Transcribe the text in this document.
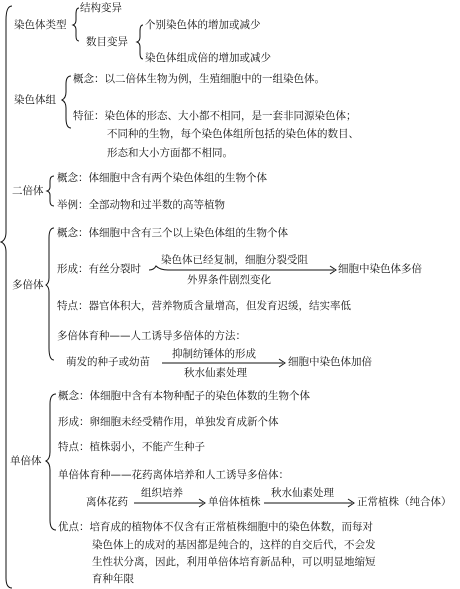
染色体类型
结构变异
数目变异
个别染色体的增加或减少
染色体组成倍的增加或减少
染色体组
概念：以二倍体生物为例，生殖细胞中的一组染色体。
特征：染色体的形态、大小都不相同，是一套非同源染色体；
不同种的生物，每个染色体组所包括的染色体的数目、
形态和大小方面都不相同。
二倍体
概念：体细胞中含有两个染色体组的生物个体
举例：全部动物和过半数的高等植物
多倍体
概念：体细胞中含有三个以上染色体组的生物个体
形成：有丝分裂时
染色体已经复制，细胞分裂受阻
外界条件剧烈变化
细胞中染色体多倍
特点：器官体积大，营养物质含量增高，但发育迟缓，结实率低
多倍体育种——人工诱导多倍体的方法：
萌发的种子或幼苗
抑制纺锤体的形成
秋水仙素处理
细胞中染色体加倍
单倍体
概念：体细胞中含有本物种配子的染色体数的生物个体
形成：卵细胞未经受精作用，单独发育成新个体
特点：植株弱小，不能产生种子
单倍体育种——花药离体培养和人工诱导多倍体：
离体花药
组织培养
单倍体植株
秋水仙素处理
正常植株（纯合体）
优点：培育成的植物体不仅含有正常植株细胞中的染色体数，而每对
染色体上的成对的基因都是纯合的，这样的自交后代，不会发
生性状分离，因此，利用单倍体培育新品种，可以明显地缩短
育种年限
